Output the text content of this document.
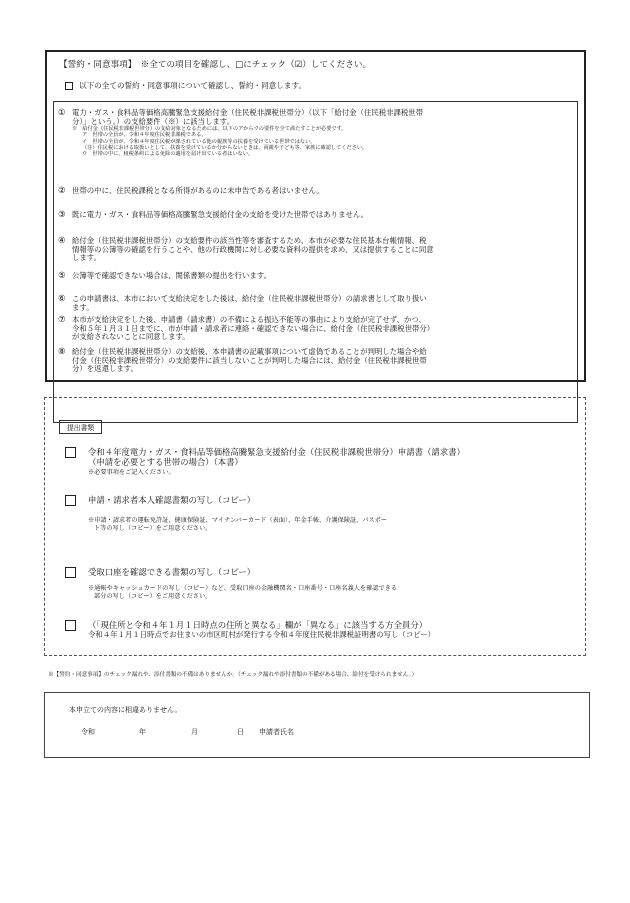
【誓約・同意事項】　※全ての項目を確認し、□にチェック（☑）してください。
以下の全ての誓約・同意事項について確認し、誓約・同意します。
① 電力・ガス・食料品等価格高騰緊急支援給付金（住民税非課税世帯分）（以下「給付金（住民税非課税世帯
分）」という。）の支給要件（※）に該当します。
※　給付金（住民税非課税世帯分）の支給対象となるためには、以下のアからウの要件を全て満たすことが必要です。
ア　世帯の全員が、令和４年度住民税非課税である。
イ　世帯の全員が、令和４年度住民税が課されている他の親族等の扶養を受けている世帯ではない。
（注）住民税における取扱いとして、扶養を受けているか分からないときは、両親や子ども等、家族に確認してください。
ウ　世帯の中に、租税条約による免除の適用を届け出ている者はいない。
② 世帯の中に、住民税課税となる所得があるのに未申告である者はいません。
③ 既に電力・ガス・食料品等価格高騰緊急支援給付金の支給を受けた世帯ではありません。
④ 給付金（住民税非課税世帯分）の支給要件の該当性等を審査するため、本市が必要な住民基本台帳情報、税
情報等の公簿等の確認を行うことや、他の行政機関に対し必要な資料の提供を求め、又は提供することに同意
します。
⑤ 公簿等で確認できない場合は、関係書類の提出を行います。
⑥ この申請書は、本市において支給決定をした後は、給付金（住民税非課税世帯分）の請求書として取り扱い
ます。
⑦ 本市が支給決定をした後、申請書（請求書）の不備による振込不能等の事由により支給が完了せず、かつ、
令和５年１月３１日までに、市が申請・請求者に連絡・確認できない場合に、給付金（住民税非課税世帯分）
が支給されないことに同意します。
⑧ 給付金（住民税非課税世帯分）の支給後、本申請書の記載事項について虚偽であることが判明した場合や給
付金（住民税非課税世帯分）の支給要件に該当しないことが判明した場合には、給付金（住民税非課税世帯
分）を返還します。
提出書類
令和４年度電力・ガス・食料品等価格高騰緊急支援給付金（住民税非課税世帯分）申請書（請求書）
（申請を必要とする世帯の場合）（本書）
※必要事項をご記入ください。
申請・請求者本人確認書類の写し（コピー）
※申請・請求者の運転免許証、健康保険証、マイナンバーカード（表面）、年金手帳、介護保険証、パスポー
ト等の写し（コピー）をご用意ください。
受取口座を確認できる書類の写し（コピー）
※通帳やキャッシュカードの写し（コピー）など、受取口座の金融機関名・口座番号・口座名義人を確認できる
部分の写し（コピー）をご用意ください。
（「現住所と令和４年１月１日時点の住所と異なる」欄が「異なる」に該当する方全員分）
令和４年１月１日時点でお住まいの市区町村が発行する令和４年度住民税非課税証明書の写し（コピー）
※【誓約・同意事項】のチェック漏れや、添付書類の不備はありませんか。（チェック漏れや添付書類の不備がある場合、給付を受けられません。）
本申立ての内容に相違ありません。
令和	年	月	日	申請者氏名
